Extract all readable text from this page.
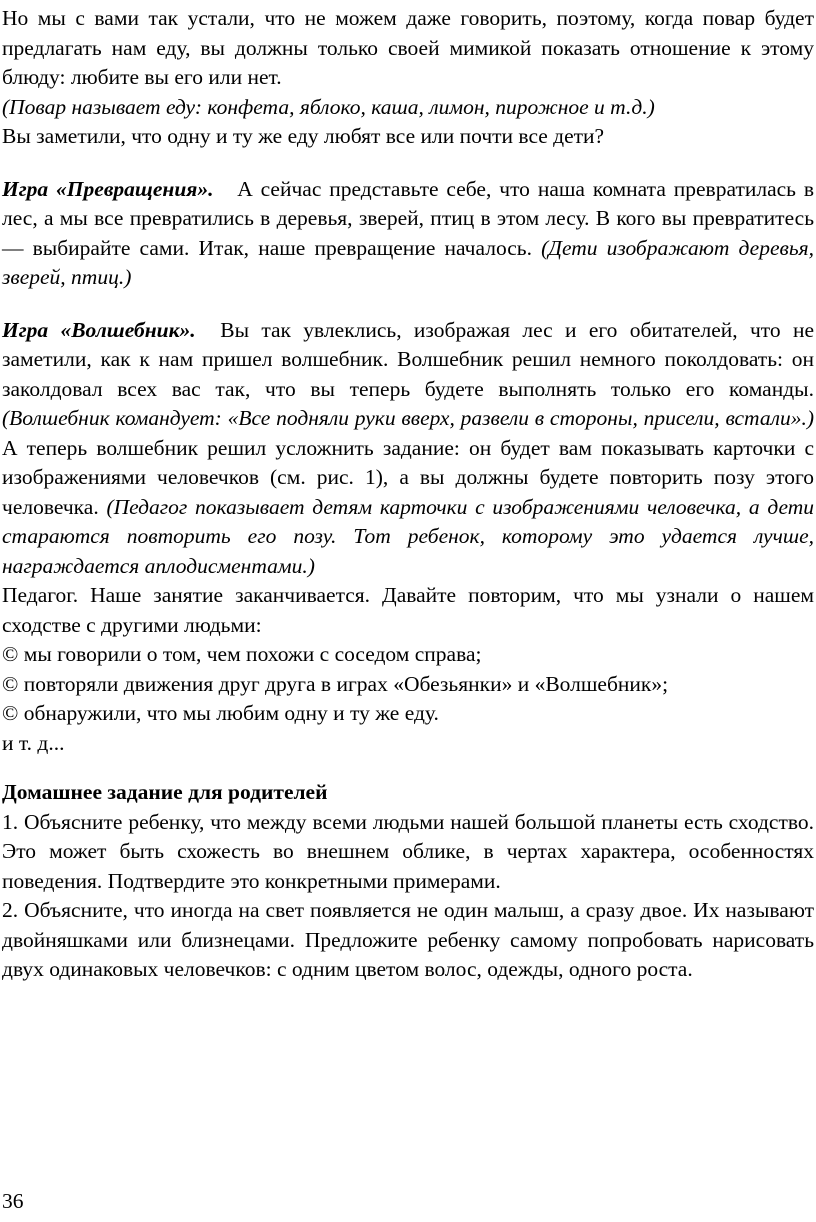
Но мы с вами так устали, что не можем даже говорить, поэтому, когда повар будет предлагать нам еду, вы должны только своей мимикой показать отношение к этому блюду: любите вы его или нет.

(Повар называет еду: конфета, яблоко, каша, лимон, пирожное и т.д.)

Вы заметили, что одну и ту же еду любят все или почти все дети?

Игра «Превращения». А сейчас представьте себе, что наша комната превратилась в лес, а мы все превратились в деревья, зверей, птиц в этом лесу. В кого вы превратитесь — выбирайте сами. Итак, наше превращение началось. (Дети изображают деревья, зверей, птиц.)

Игра «Волшебник». Вы так увлеклись, изображая лес и его обитателей, что не заметили, как к нам пришел волшебник. Волшебник решил немного поколдовать: он заколдовал всех вас так, что вы теперь будете выполнять только его команды. (Волшебник командует: «Все подняли руки вверх, развели в стороны, присели, встали».) А теперь волшебник решил усложнить задание: он будет вам показывать карточки с изображениями человечков (см. рис. 1), а вы должны будете повторить позу этого человечка. (Педагог показывает детям карточки с изображениями человечка, а дети стараются повторить его позу. Тот ребенок, которому это удается лучше, награждается аплодисментами.)

Педагог. Наше занятие заканчивается. Давайте повторим, что мы узнали о нашем сходстве с другими людьми:

© мы говорили о том, чем похожи с соседом справа;

© повторяли движения друг друга в играх «Обезьянки» и «Волшебник»;

© обнаружили, что мы любим одну и ту же еду.

и т. д...

Домашнее задание для родителей

1. Объясните ребенку, что между всеми людьми нашей большой планеты есть сходство. Это может быть схожесть во внешнем облике, в чертах характера, особенностях поведения. Подтвердите это конкретными примерами.

2. Объясните, что иногда на свет появляется не один малыш, а сразу двое. Их называют двойняшками или близнецами. Предложите ребенку самому попробовать нарисовать двух одинаковых человечков: с одним цветом волос, одежды, одного роста.

36
